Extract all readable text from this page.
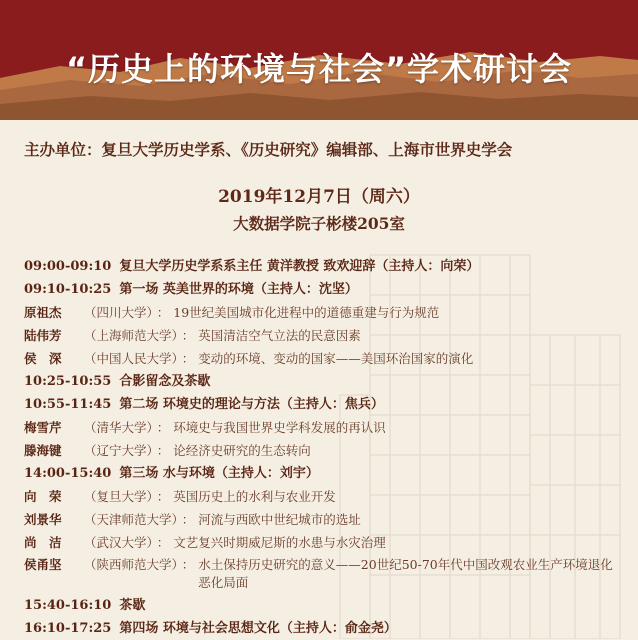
“历史上的环境与社会”学术研讨会
主办单位：复旦大学历史学系、《历史研究》编辑部、上海市世界史学会
2019年12月7日（周六）
大数据学院子彬楼205室
09:00-09:10 复旦大学历史学系系主任 黄洋教授 致欢迎辞（主持人：向荣）
09:10-10:25 第一场 英美世界的环境（主持人：沈坚）
原祖杰 （四川大学） ： 19世纪美国城市化进程中的道德重建与行为规范
陆伟芳 （上海师范大学） ： 英国清洁空气立法的民意因素
侯　深 （中国人民大学） ： 变动的环境、变动的国家——美国环治国家的演化
10:25-10:55 合影留念及茶歇
10:55-11:45 第二场 环境史的理论与方法（主持人：焦兵）
梅雪芹 （清华大学） ： 环境史与我国世界史学科发展的再认识
滕海键 （辽宁大学） ： 论经济史研究的生态转向
14:00-15:40 第三场 水与环境（主持人：刘宇）
向　荣 （复旦大学） ： 英国历史上的水利与农业开发
刘景华 （天津师范大学） ： 河流与西欧中世纪城市的选址
尚　洁 （武汉大学） ： 文艺复兴时期威尼斯的水患与水灾治理
侯甬坚 （陕西师范大学） ： 水土保持历史研究的意义——20世纪50-70年代中国改观农业生产环境退化恶化局面
15:40-16:10 茶歇
16:10-17:25 第四场 环境与社会思想文化（主持人：俞金尧）
